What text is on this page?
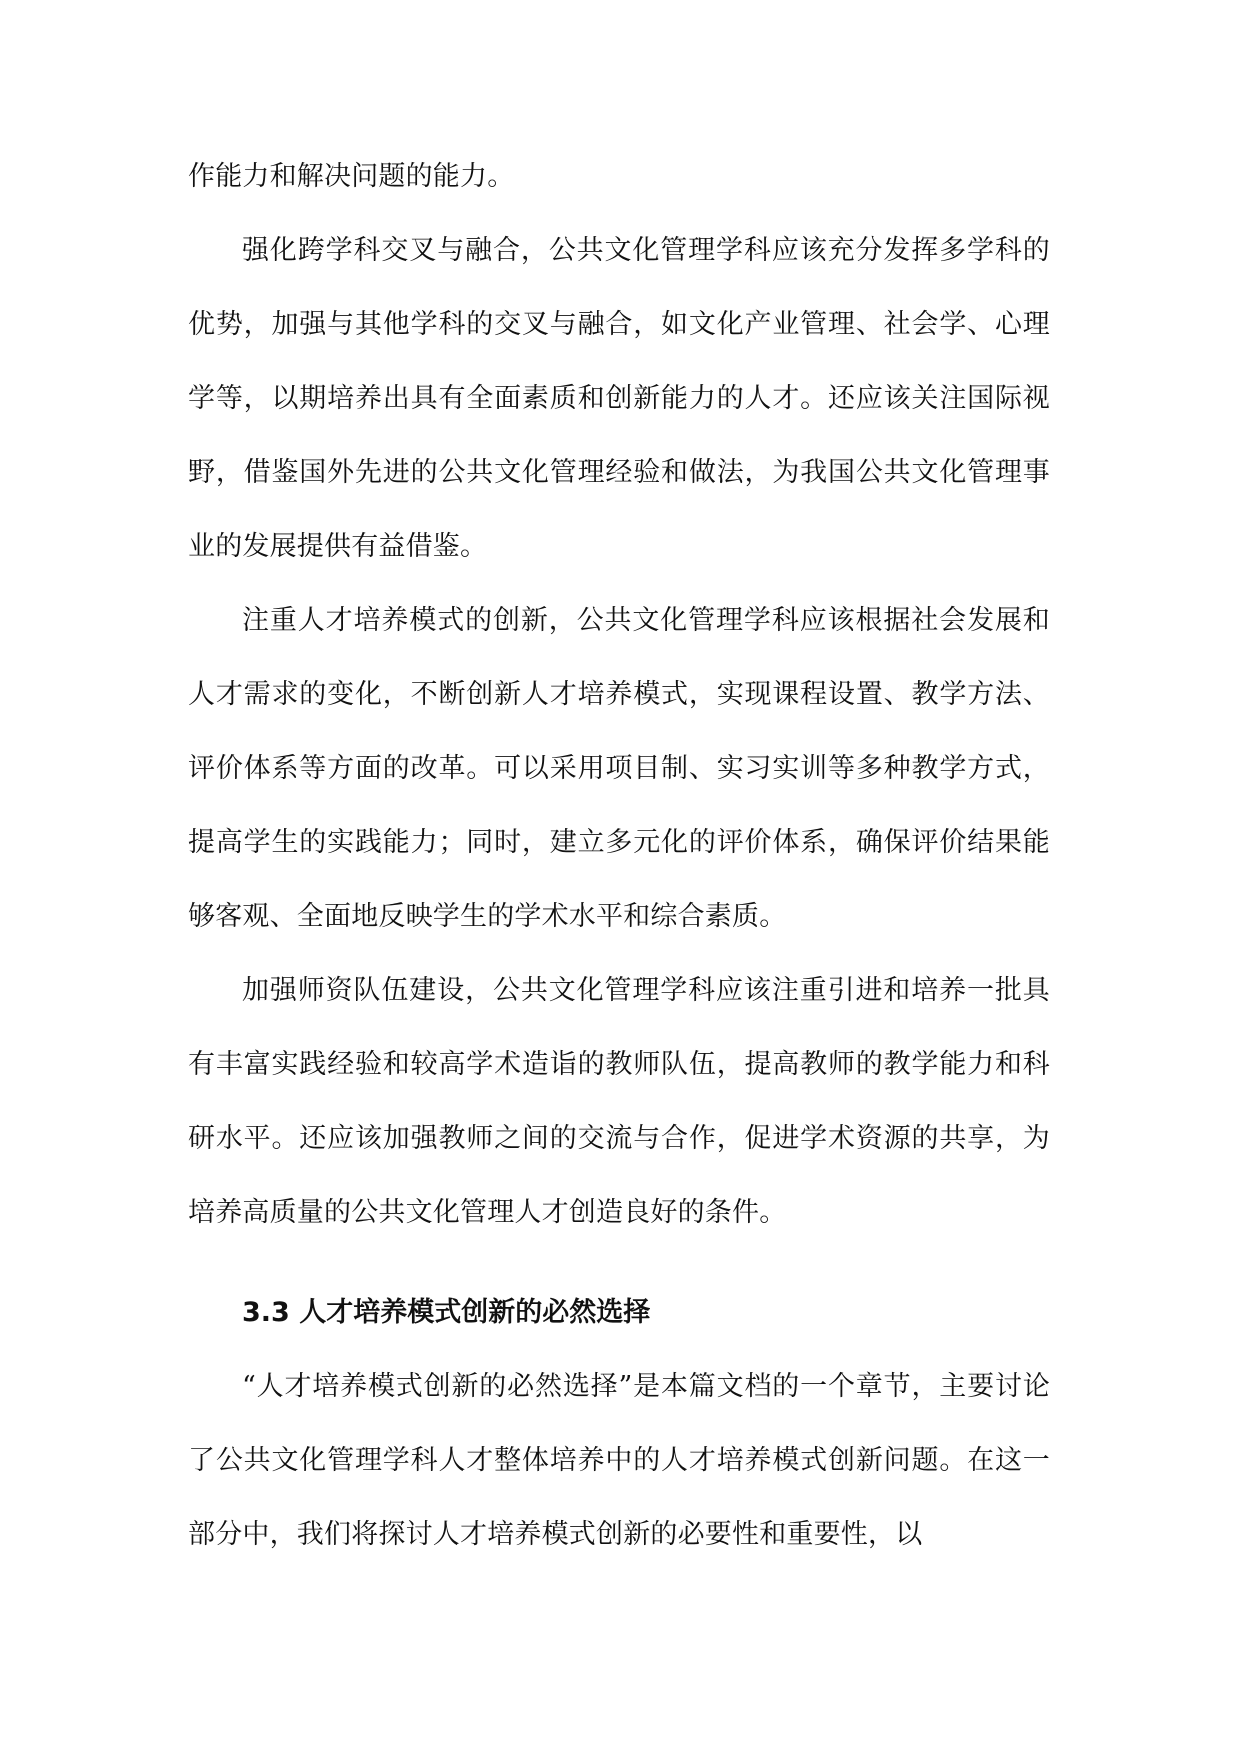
作能力和解决问题的能力。

强化跨学科交叉与融合，公共文化管理学科应该充分发挥多学科的优势，加强与其他学科的交叉与融合，如文化产业管理、社会学、心理学等，以期培养出具有全面素质和创新能力的人才。还应该关注国际视野，借鉴国外先进的公共文化管理经验和做法，为我国公共文化管理事业的发展提供有益借鉴。

注重人才培养模式的创新，公共文化管理学科应该根据社会发展和人才需求的变化，不断创新人才培养模式，实现课程设置、教学方法、评价体系等方面的改革。可以采用项目制、实习实训等多种教学方式，提高学生的实践能力；同时，建立多元化的评价体系，确保评价结果能够客观、全面地反映学生的学术水平和综合素质。

加强师资队伍建设，公共文化管理学科应该注重引进和培养一批具有丰富实践经验和较高学术造诣的教师队伍，提高教师的教学能力和科研水平。还应该加强教师之间的交流与合作，促进学术资源的共享，为培养高质量的公共文化管理人才创造良好的条件。

3.3 人才培养模式创新的必然选择

“人才培养模式创新的必然选择”是本篇文档的一个章节，主要讨论了公共文化管理学科人才整体培养中的人才培养模式创新问题。在这一部分中，我们将探讨人才培养模式创新的必要性和重要性，以
